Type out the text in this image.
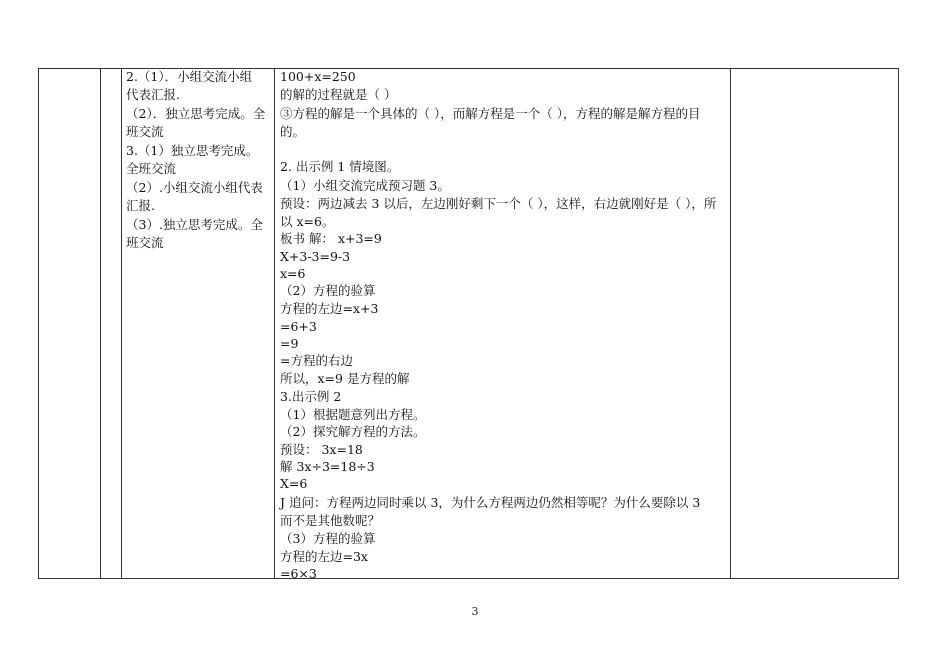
2.（1）．小组交流小组
代表汇报.
（2）．独立思考完成。全
班交流
3.（1）独立思考完成。
全班交流
（2）.小组交流小组代表
汇报.
（3）.独立思考完成。全
班交流
100+x=250
的解的过程就是（ ）
③方程的解是一个具体的（ ），而解方程是一个（ ），方程的解是解方程的目
的。
2. 出示例 1 情境图。
（1）小组交流完成预习题 3。
预设：两边减去 3 以后，左边刚好剩下一个（ ），这样，右边就刚好是（ ），所
以 x=6。
板书 解： x+3=9
X+3-3=9-3
x=6
（2）方程的验算
方程的左边=x+3
=6+3
=9
=方程的右边
所以，x=9 是方程的解
3.出示例 2
（1）根据题意列出方程。
（2）探究解方程的方法。
预设： 3x=18
解 3x÷3=18÷3
X=6
J 追问：方程两边同时乘以 3，为什么方程两边仍然相等呢？为什么要除以 3
而不是其他数呢？
（3）方程的验算
方程的左边=3x
=6×3
3
